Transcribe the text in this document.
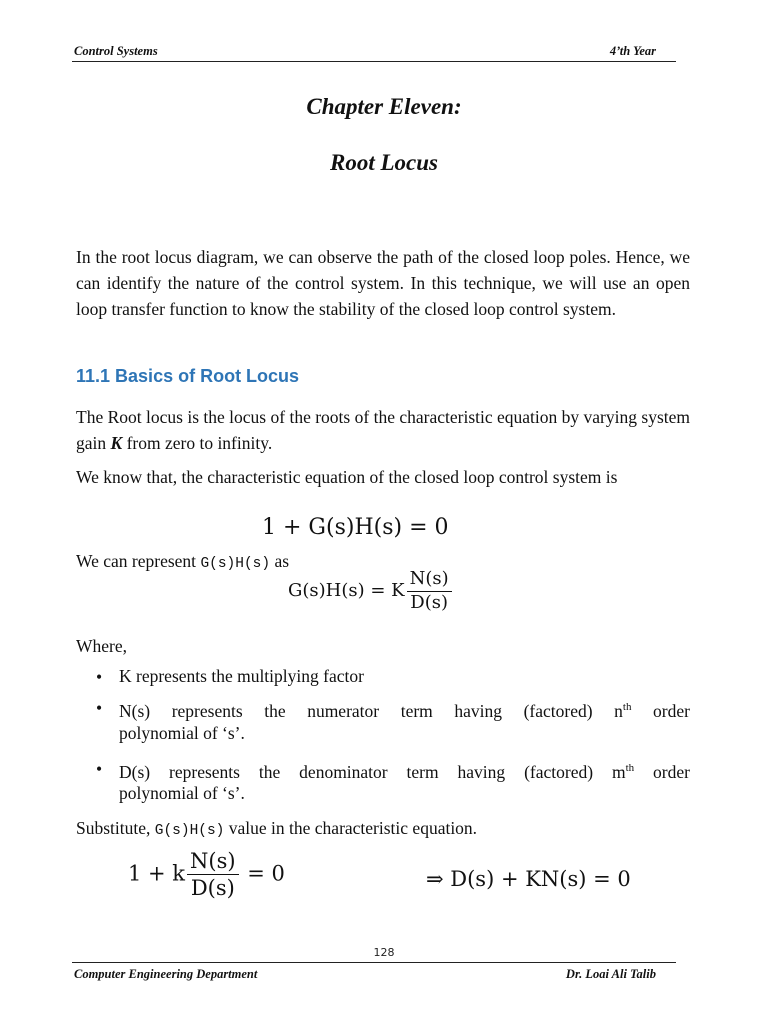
Control Systems	4’th Year
Chapter Eleven:
Root Locus
In the root locus diagram, we can observe the path of the closed loop poles. Hence, we can identify the nature of the control system. In this technique, we will use an open loop transfer function to know the stability of the closed loop control system.
11.1 Basics of Root Locus
The Root locus is the locus of the roots of the characteristic equation by varying system gain K from zero to infinity.
We know that, the characteristic equation of the closed loop control system is
1 + G(s)H(s) = 0
We can represent G(s)H(s) as
G(s)H(s) = K $\frac{N(s)}{D(s)}$
Where,
• K represents the multiplying factor
• N(s) represents the numerator term having (factored) $n^{th}$ order
polynomial of ‘s’.
• D(s) represents the denominator term having (factored) $m^{th}$ order
polynomial of ‘s’.
Substitute, G(s)H(s) value in the characteristic equation.
1 + k $\frac{N(s)}{D(s)} = 0$	⇒ D(s) + KN(s) = 0
128
Computer Engineering Department	Dr. Loai Ali Talib
